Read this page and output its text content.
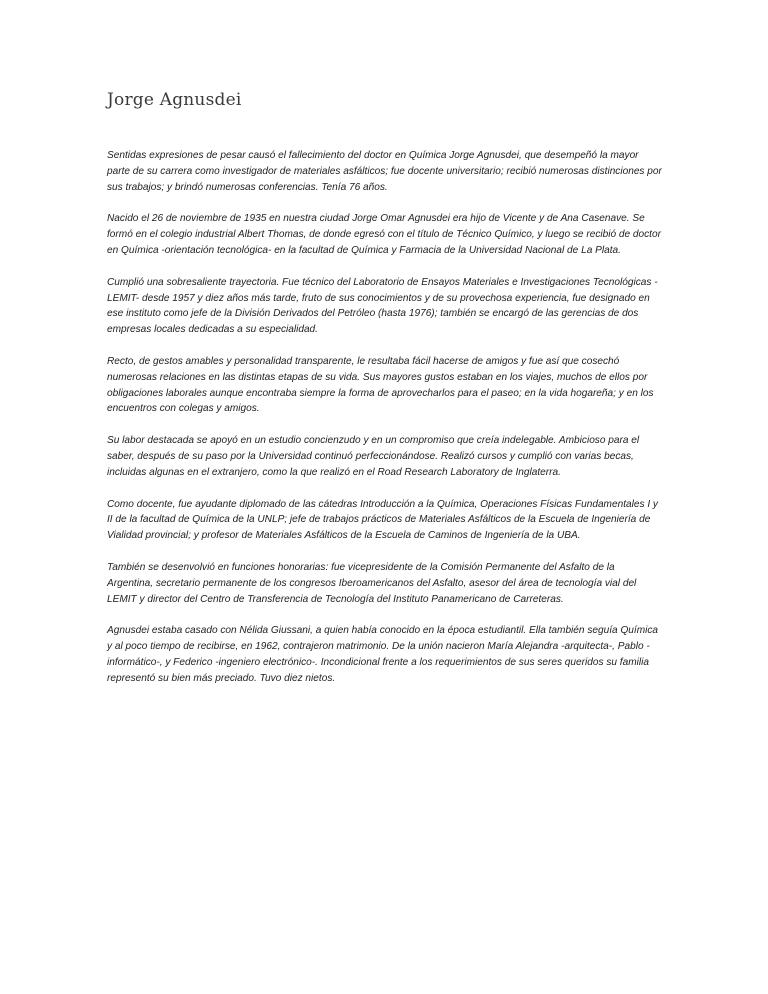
Jorge Agnusdei

Sentidas expresiones de pesar causó el fallecimiento del doctor en Química Jorge Agnusdei, que desempeñó la mayor parte de su carrera como investigador de materiales asfálticos; fue docente universitario; recibió numerosas distinciones por sus trabajos; y brindó numerosas conferencias. Tenía 76 años.

Nacido el 26 de noviembre de 1935 en nuestra ciudad Jorge Omar Agnusdei era hijo de Vicente y de Ana Casenave. Se formó en el colegio industrial Albert Thomas, de donde egresó con el título de Técnico Químico, y luego se recibió de doctor en Química -orientación tecnológica- en la facultad de Química y Farmacia de la Universidad Nacional de La Plata.

Cumplió una sobresaliente trayectoria. Fue técnico del Laboratorio de Ensayos Materiales e Investigaciones Tecnológicas - LEMIT- desde 1957 y diez años más tarde, fruto de sus conocimientos y de su provechosa experiencia, fue designado en ese instituto como jefe de la División Derivados del Petróleo (hasta 1976); también se encargó de las gerencias de dos empresas locales dedicadas a su especialidad.

Recto, de gestos amables y personalidad transparente, le resultaba fácil hacerse de amigos y fue así que cosechó numerosas relaciones en las distintas etapas de su vida. Sus mayores gustos estaban en los viajes, muchos de ellos por obligaciones laborales aunque encontraba siempre la forma de aprovecharlos para el paseo; en la vida hogareña; y en los encuentros con colegas y amigos.

Su labor destacada se apoyó en un estudio concienzudo y en un compromiso que creía indelegable. Ambicioso para el saber, después de su paso por la Universidad continuó perfeccionándose. Realizó cursos y cumplió con varias becas, incluidas algunas en el extranjero, como la que realizó en el Road Research Laboratory de Inglaterra.

Como docente, fue ayudante diplomado de las cátedras Introducción a la Química, Operaciones Físicas Fundamentales I y II de la facultad de Química de la UNLP; jefe de trabajos prácticos de Materiales Asfálticos de la Escuela de Ingeniería de Vialidad provincial; y profesor de Materiales Asfálticos de la Escuela de Caminos de Ingeniería de la UBA.

También se desenvolvió en funciones honorarias: fue vicepresidente de la Comisión Permanente del Asfalto de la Argentina, secretario permanente de los congresos Iberoamericanos del Asfalto, asesor del área de tecnología vial del LEMIT y director del Centro de Transferencia de Tecnología del Instituto Panamericano de Carreteras.

Agnusdei estaba casado con Nélida Giussani, a quien había conocido en la época estudiantil. Ella también seguía Química y al poco tiempo de recibirse, en 1962, contrajeron matrimonio. De la unión nacieron María Alejandra -arquitecta-, Pablo - informático-, y Federico -ingeniero electrónico-. Incondicional frente a los requerimientos de sus seres queridos su familia representó su bien más preciado. Tuvo diez nietos.
